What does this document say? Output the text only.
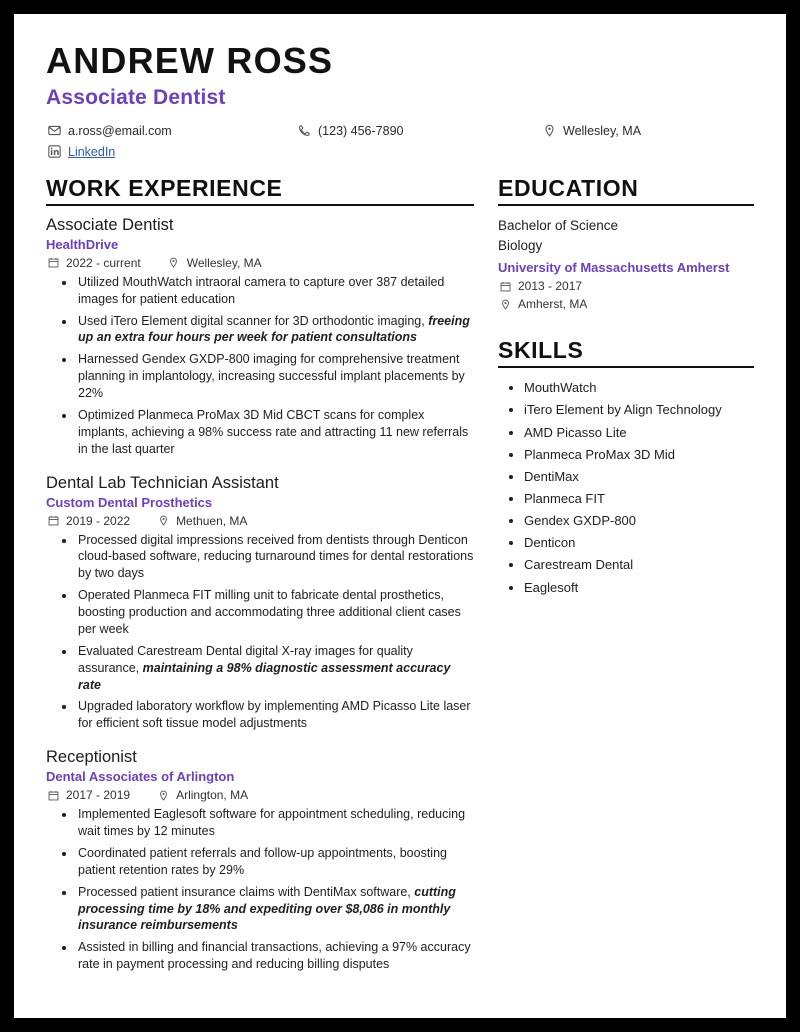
ANDREW ROSS
Associate Dentist
a.ross@email.com	(123) 456-7890	Wellesley, MA
LinkedIn
WORK EXPERIENCE
Associate Dentist
HealthDrive
2022 - current	Wellesley, MA
• Utilized MouthWatch intraoral camera to capture over 387 detailed images for patient education
• Used iTero Element digital scanner for 3D orthodontic imaging, freeing up an extra four hours per week for patient consultations
• Harnessed Gendex GXDP-800 imaging for comprehensive treatment planning in implantology, increasing successful implant placements by 22%
• Optimized Planmeca ProMax 3D Mid CBCT scans for complex implants, achieving a 98% success rate and attracting 11 new referrals in the last quarter
Dental Lab Technician Assistant
Custom Dental Prosthetics
2019 - 2022	Methuen, MA
• Processed digital impressions received from dentists through Denticon cloud-based software, reducing turnaround times for dental restorations by two days
• Operated Planmeca FIT milling unit to fabricate dental prosthetics, boosting production and accommodating three additional client cases per week
• Evaluated Carestream Dental digital X-ray images for quality assurance, maintaining a 98% diagnostic assessment accuracy rate
• Upgraded laboratory workflow by implementing AMD Picasso Lite laser for efficient soft tissue model adjustments
Receptionist
Dental Associates of Arlington
2017 - 2019	Arlington, MA
• Implemented Eaglesoft software for appointment scheduling, reducing wait times by 12 minutes
• Coordinated patient referrals and follow-up appointments, boosting patient retention rates by 29%
• Processed patient insurance claims with DentiMax software, cutting processing time by 18% and expediting over $8,086 in monthly insurance reimbursements
• Assisted in billing and financial transactions, achieving a 97% accuracy rate in payment processing and reducing billing disputes
EDUCATION
Bachelor of Science
Biology
University of Massachusetts Amherst
2013 - 2017
Amherst, MA
SKILLS
• MouthWatch
• iTero Element by Align Technology
• AMD Picasso Lite
• Planmeca ProMax 3D Mid
• DentiMax
• Planmeca FIT
• Gendex GXDP-800
• Denticon
• Carestream Dental
• Eaglesoft
